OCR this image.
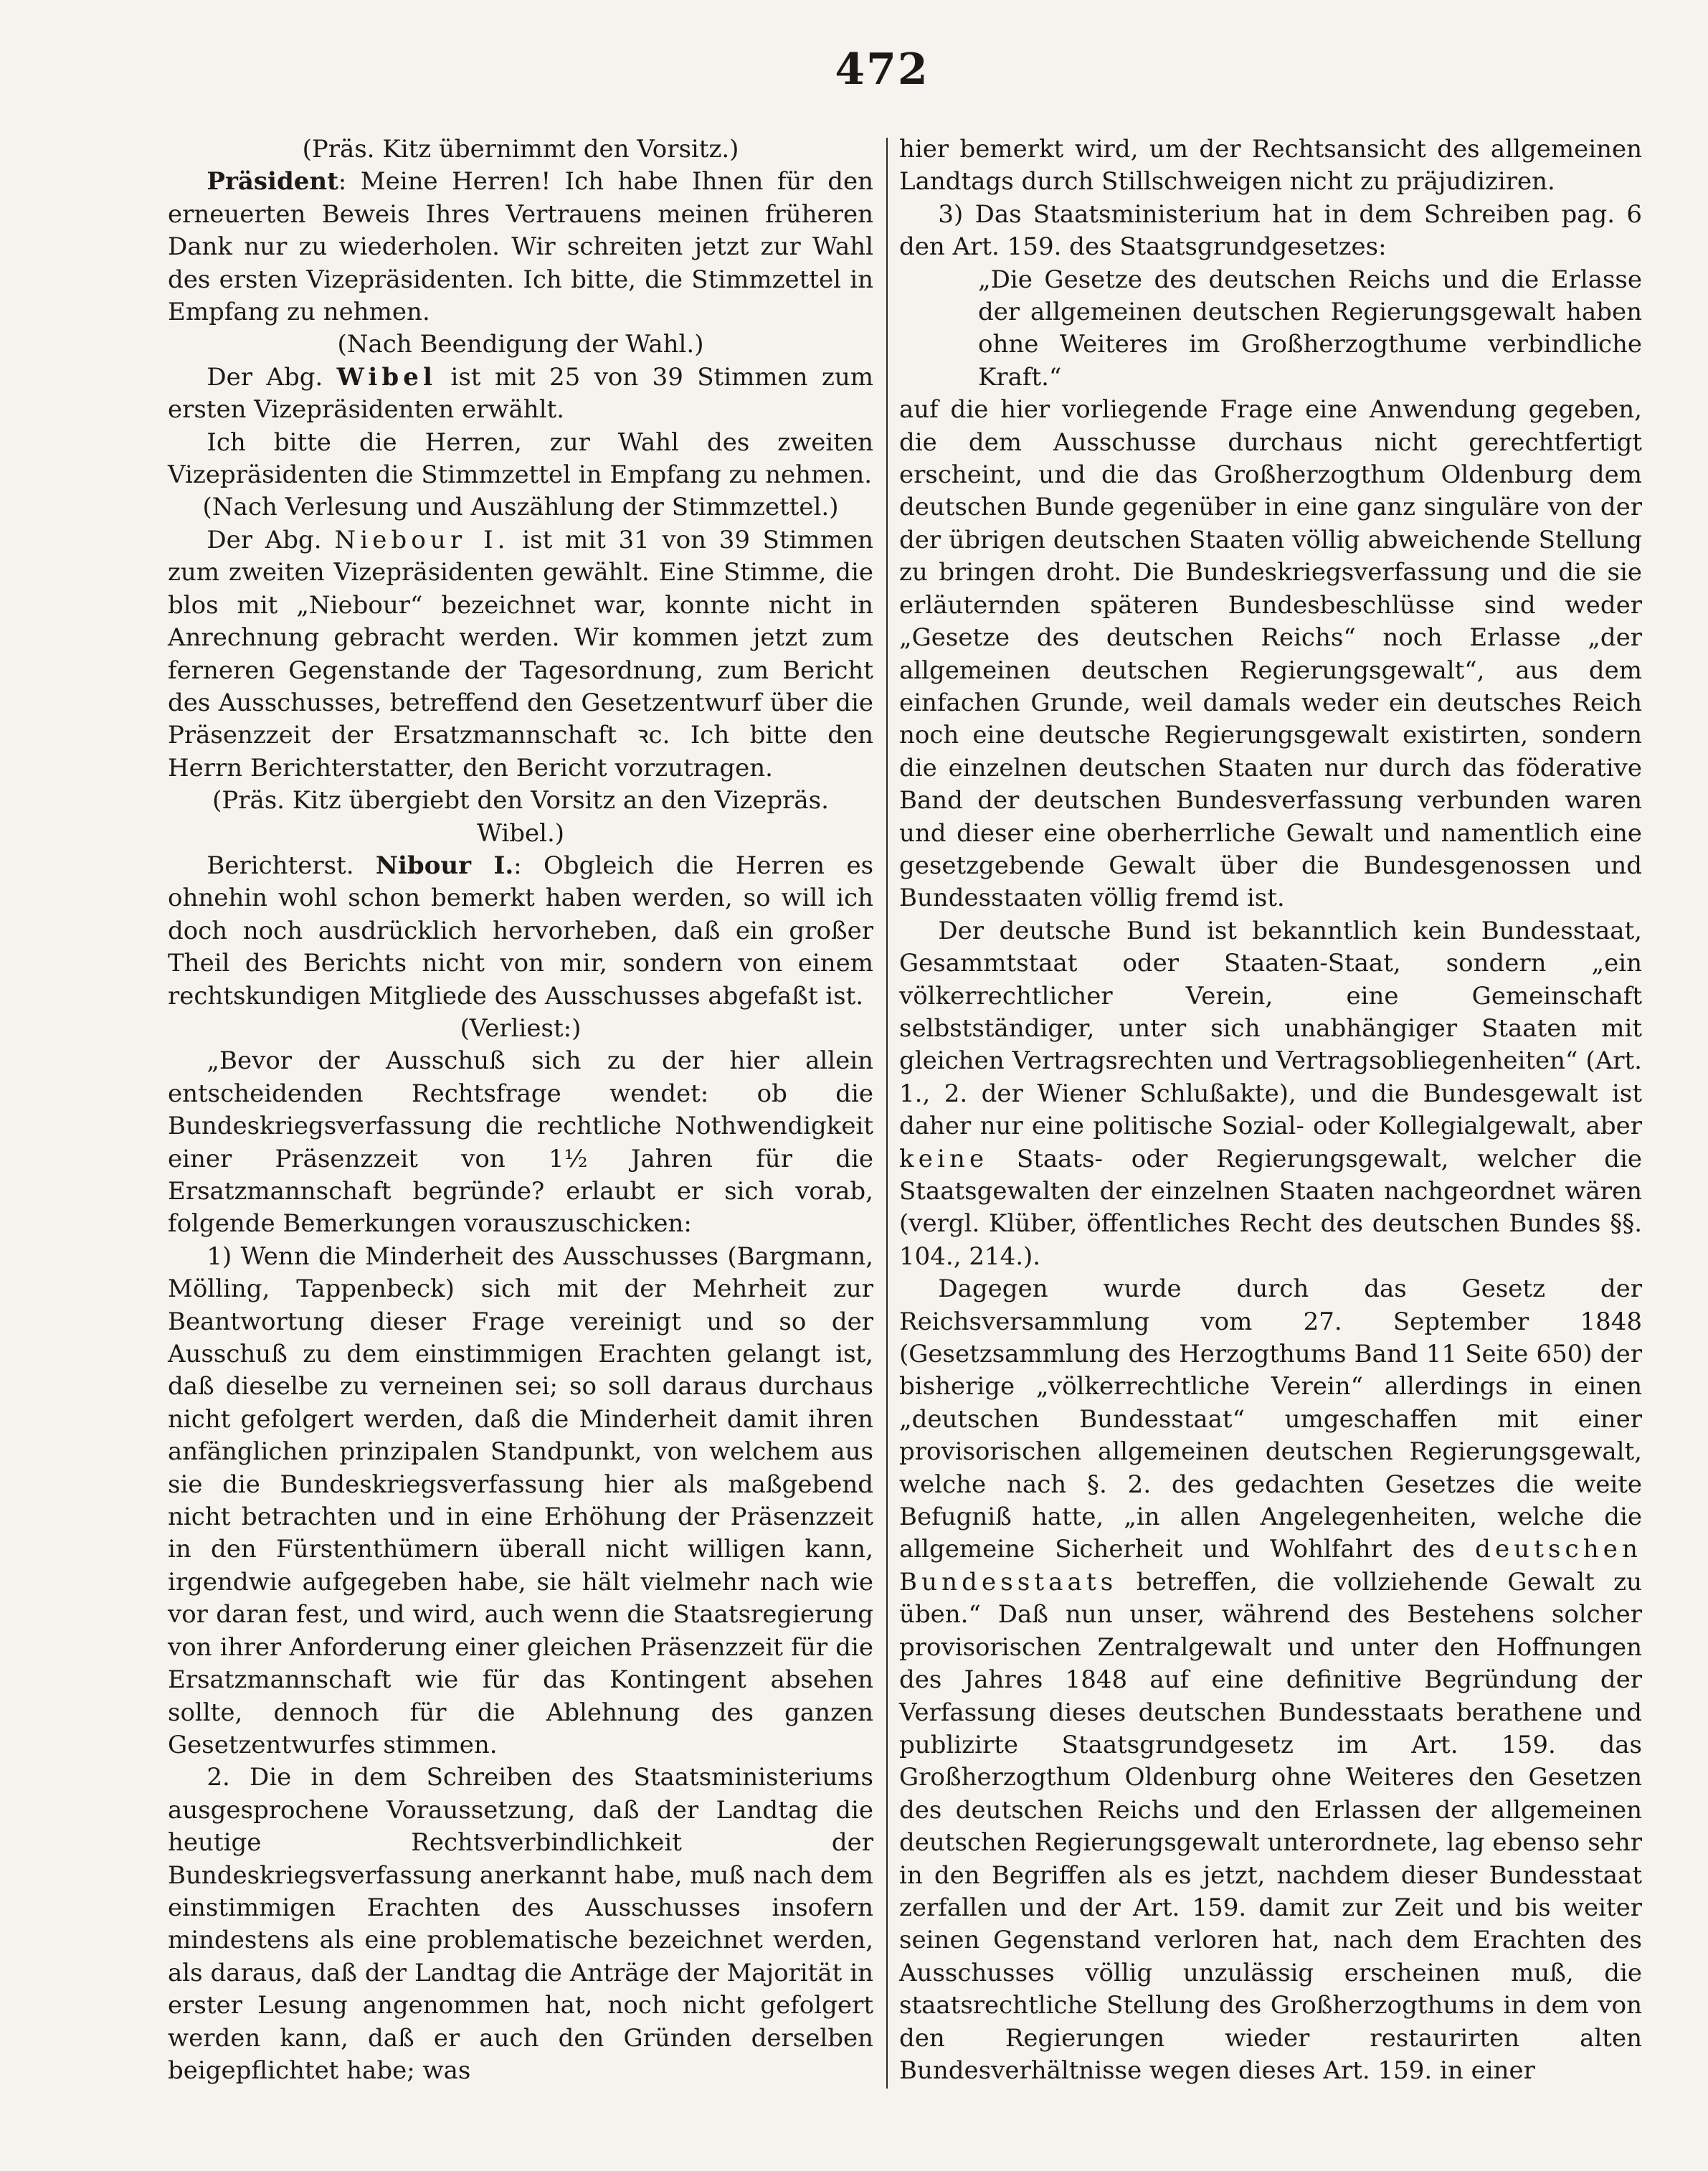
472

(Präs. Kitz übernimmt den Vorsitz.)

Präsident: Meine Herren! Ich habe Ihnen für den erneuerten Beweis Ihres Vertrauens meinen früheren Dank nur zu wiederholen. Wir schreiten jetzt zur Wahl des ersten Vizepräsidenten. Ich bitte, die Stimmzettel in Empfang zu nehmen.

(Nach Beendigung der Wahl.)

Der Abg. Wibel ist mit 25 von 39 Stimmen zum ersten Vizepräsidenten erwählt.

Ich bitte die Herren, zur Wahl des zweiten Vizepräsidenten die Stimmzettel in Empfang zu nehmen.

(Nach Verlesung und Auszählung der Stimmzettel.)

Der Abg. Niebour I. ist mit 31 von 39 Stimmen zum zweiten Vizepräsidenten gewählt. Eine Stimme, die blos mit „Niebour“ bezeichnet war, konnte nicht in Anrechnung gebracht werden. Wir kommen jetzt zum ferneren Gegenstande der Tagesordnung, zum Bericht des Ausschusses, betreffend den Gesetzentwurf über die Präsenzzeit der Ersatzmannschaft ꝛc. Ich bitte den Herrn Berichterstatter, den Bericht vorzutragen.

(Präs. Kitz übergiebt den Vorsitz an den Vizepräs. Wibel.)

Berichterst. Nibour I.: Obgleich die Herren es ohnehin wohl schon bemerkt haben werden, so will ich doch noch ausdrücklich hervorheben, daß ein großer Theil des Berichts nicht von mir, sondern von einem rechtskundigen Mitgliede des Ausschusses abgefaßt ist.

(Verliest:)

„Bevor der Ausschuß sich zu der hier allein entscheidenden Rechtsfrage wendet: ob die Bundeskriegsverfassung die rechtliche Nothwendigkeit einer Präsenzzeit von 1½ Jahren für die Ersatzmannschaft begründe? erlaubt er sich vorab, folgende Bemerkungen vorauszuschicken:

1) Wenn die Minderheit des Ausschusses (Bargmann, Mölling, Tappenbeck) sich mit der Mehrheit zur Beantwortung dieser Frage vereinigt und so der Ausschuß zu dem einstimmigen Erachten gelangt ist, daß dieselbe zu verneinen sei; so soll daraus durchaus nicht gefolgert werden, daß die Minderheit damit ihren anfänglichen prinzipalen Standpunkt, von welchem aus sie die Bundeskriegsverfassung hier als maßgebend nicht betrachten und in eine Erhöhung der Präsenzzeit in den Fürstenthümern überall nicht willigen kann, irgendwie aufgegeben habe, sie hält vielmehr nach wie vor daran fest, und wird, auch wenn die Staatsregierung von ihrer Anforderung einer gleichen Präsenzzeit für die Ersatzmannschaft wie für das Kontingent absehen sollte, dennoch für die Ablehnung des ganzen Gesetzentwurfes stimmen.

2. Die in dem Schreiben des Staatsministeriums ausgesprochene Voraussetzung, daß der Landtag die heutige Rechtsverbindlichkeit der Bundeskriegsverfassung anerkannt habe, muß nach dem einstimmigen Erachten des Ausschusses insofern mindestens als eine problematische bezeichnet werden, als daraus, daß der Landtag die Anträge der Majorität in erster Lesung angenommen hat, noch nicht gefolgert werden kann, daß er auch den Gründen derselben beigepflichtet habe; was

hier bemerkt wird, um der Rechtsansicht des allgemeinen Landtags durch Stillschweigen nicht zu präjudiziren.

3) Das Staatsministerium hat in dem Schreiben pag. 6 den Art. 159. des Staatsgrundgesetzes:

„Die Gesetze des deutschen Reichs und die Erlasse der allgemeinen deutschen Regierungsgewalt haben ohne Weiteres im Großherzogthume verbindliche Kraft.“

auf die hier vorliegende Frage eine Anwendung gegeben, die dem Ausschusse durchaus nicht gerechtfertigt erscheint, und die das Großherzogthum Oldenburg dem deutschen Bunde gegenüber in eine ganz singuläre von der der übrigen deutschen Staaten völlig abweichende Stellung zu bringen droht. Die Bundeskriegsverfassung und die sie erläuternden späteren Bundesbeschlüsse sind weder „Gesetze des deutschen Reichs“ noch Erlasse „der allgemeinen deutschen Regierungsgewalt“, aus dem einfachen Grunde, weil damals weder ein deutsches Reich noch eine deutsche Regierungsgewalt existirten, sondern die einzelnen deutschen Staaten nur durch das föderative Band der deutschen Bundesverfassung verbunden waren und dieser eine oberherrliche Gewalt und namentlich eine gesetzgebende Gewalt über die Bundesgenossen und Bundesstaaten völlig fremd ist.

Der deutsche Bund ist bekanntlich kein Bundesstaat, Gesammtstaat oder Staaten-Staat, sondern „ein völkerrechtlicher Verein, eine Gemeinschaft selbstständiger, unter sich unabhängiger Staaten mit gleichen Vertragsrechten und Vertragsobliegenheiten“ (Art. 1., 2. der Wiener Schlußakte), und die Bundesgewalt ist daher nur eine politische Sozial- oder Kollegialgewalt, aber keine Staats- oder Regierungsgewalt, welcher die Staatsgewalten der einzelnen Staaten nachgeordnet wären (vergl. Klüber, öffentliches Recht des deutschen Bundes §§. 104., 214.).

Dagegen wurde durch das Gesetz der Reichsversammlung vom 27. September 1848 (Gesetzsammlung des Herzogthums Band 11 Seite 650) der bisherige „völkerrechtliche Verein“ allerdings in einen „deutschen Bundesstaat“ umgeschaffen mit einer provisorischen allgemeinen deutschen Regierungsgewalt, welche nach §. 2. des gedachten Gesetzes die weite Befugniß hatte, „in allen Angelegenheiten, welche die allgemeine Sicherheit und Wohlfahrt des deutschen Bundesstaats betreffen, die vollziehende Gewalt zu üben.“ Daß nun unser, während des Bestehens solcher provisorischen Zentralgewalt und unter den Hoffnungen des Jahres 1848 auf eine definitive Begründung der Verfassung dieses deutschen Bundesstaats berathene und publizirte Staatsgrundgesetz im Art. 159. das Großherzogthum Oldenburg ohne Weiteres den Gesetzen des deutschen Reichs und den Erlassen der allgemeinen deutschen Regierungsgewalt unterordnete, lag ebenso sehr in den Begriffen als es jetzt, nachdem dieser Bundesstaat zerfallen und der Art. 159. damit zur Zeit und bis weiter seinen Gegenstand verloren hat, nach dem Erachten des Ausschusses völlig unzulässig erscheinen muß, die staatsrechtliche Stellung des Großherzogthums in dem von den Regierungen wieder restaurirten alten Bundesverhältnisse wegen dieses Art. 159. in einer
